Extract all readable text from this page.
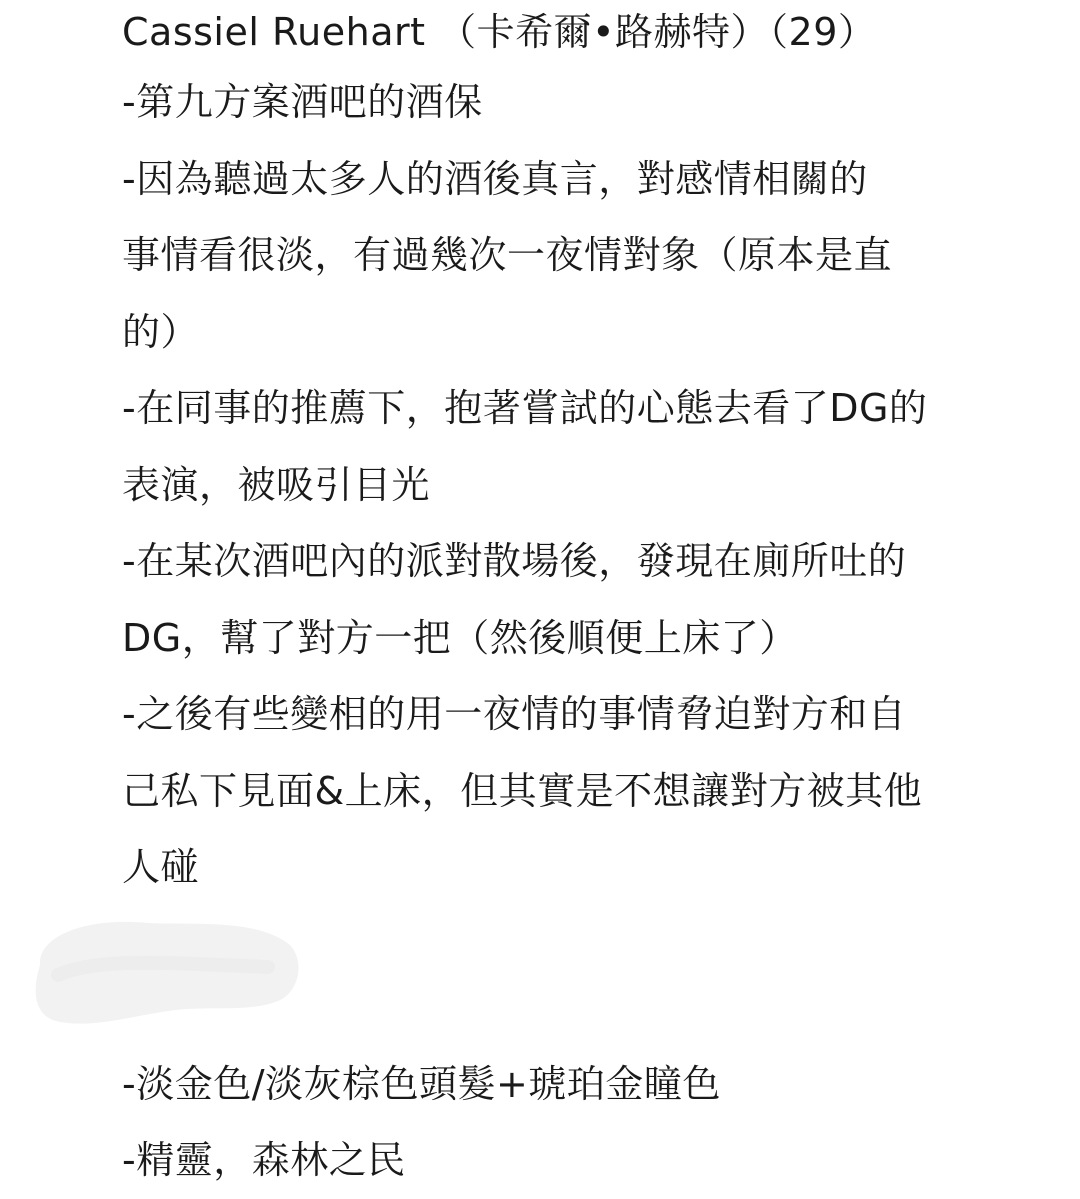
Cassiel Ruehart （卡希爾•路赫特）（29）
-第九方案酒吧的酒保
-因為聽過太多人的酒後真言，對感情相關的
事情看很淡，有過幾次一夜情對象（原本是直
的）
-在同事的推薦下，抱著嘗試的心態去看了DG的
表演，被吸引目光
-在某次酒吧內的派對散場後，發現在廁所吐的
DG，幫了對方一把（然後順便上床了）
-之後有些變相的用一夜情的事情脅迫對方和自
己私下見面&上床，但其實是不想讓對方被其他
人碰
-淡金色/淡灰棕色頭髮+琥珀金瞳色
-精靈，森林之民
